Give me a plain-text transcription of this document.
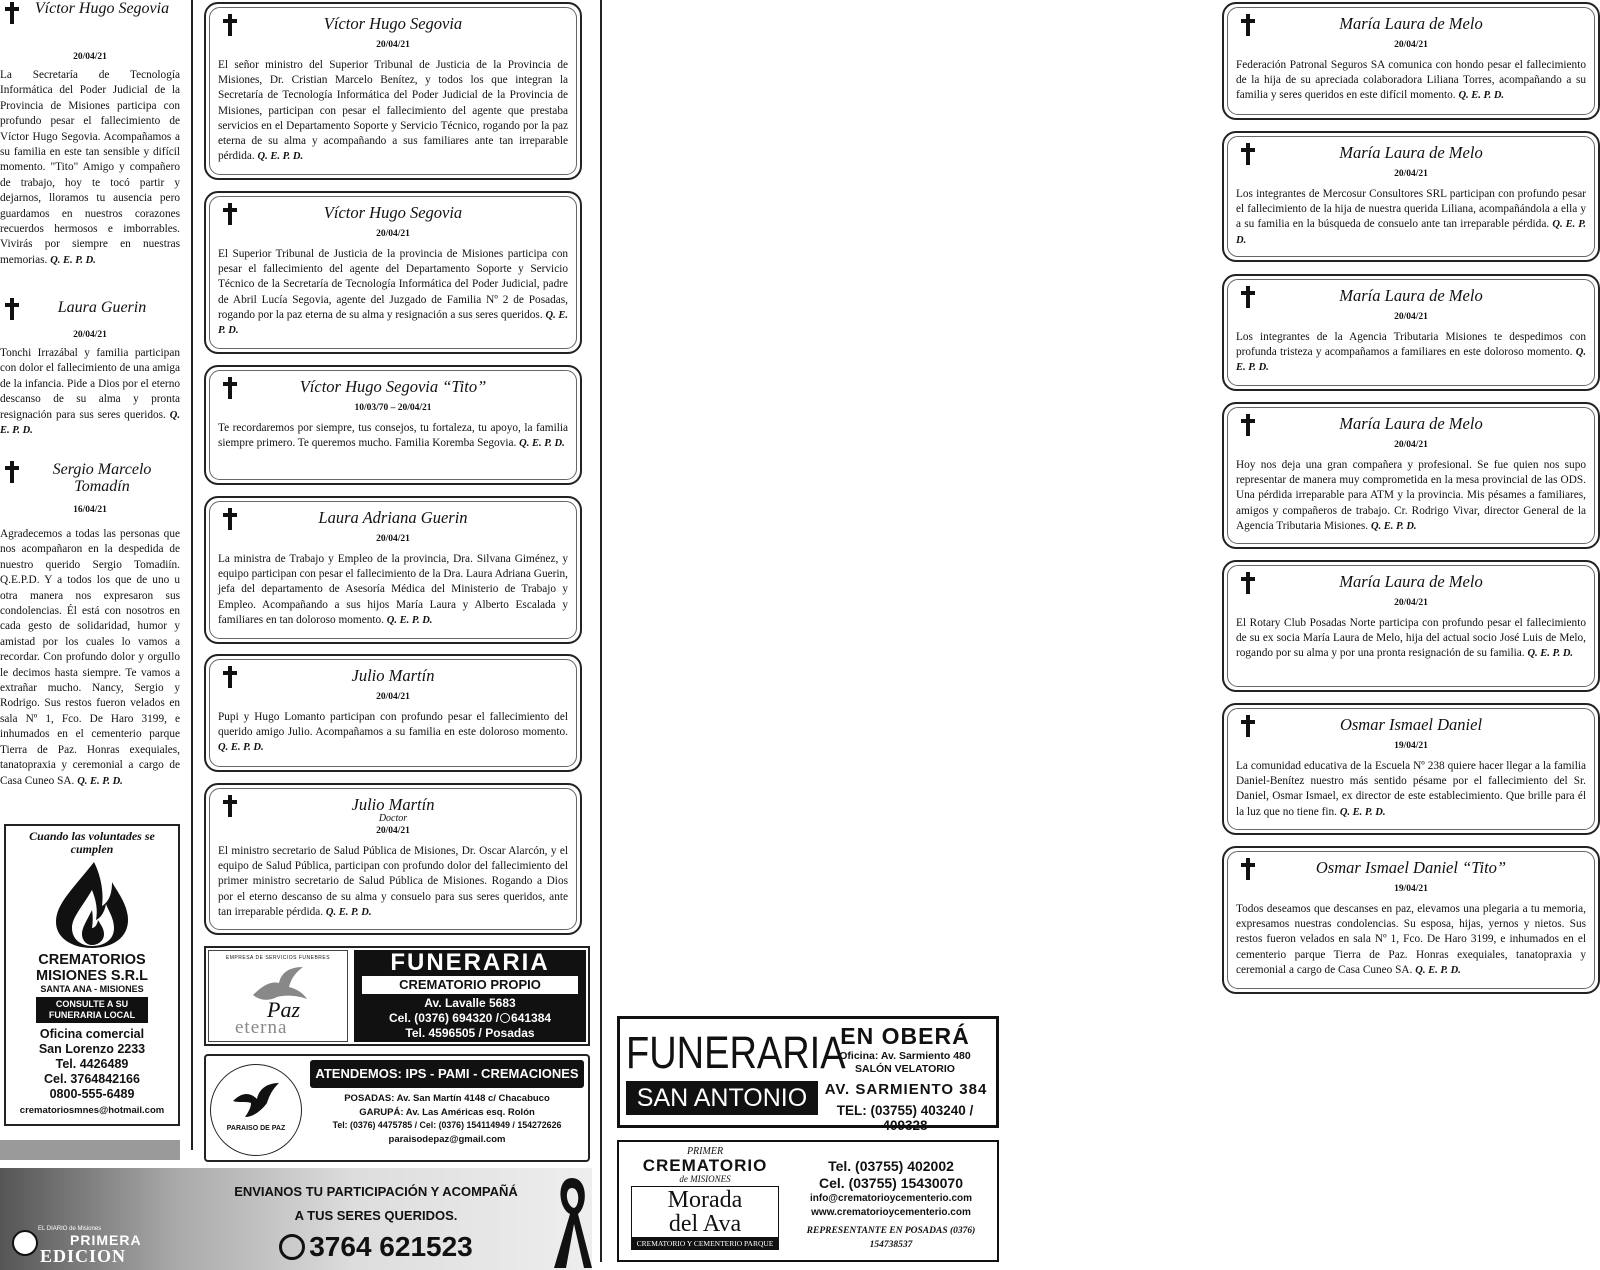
Víctor Hugo Segovia
20/04/21
La Secretaría de Tecnología Informática del Poder Judicial de la Provincia de Misiones participa con profundo pesar el fallecimiento de Víctor Hugo Segovia. Acompañamos a su familia en este tan sensible y difícil momento. "Tito" Amigo y compañero de trabajo, hoy te tocó partir y dejarnos, lloramos tu ausencia pero guardamos en nuestros corazones recuerdos hermosos e imborrables. Vivirás por siempre en nuestras memorias. Q. E. P. D.
Laura Guerin
20/04/21
Tonchi Irrazábal y familia participan con dolor el fallecimiento de una amiga de la infancia. Pide a Dios por el eterno descanso de su alma y pronta resignación para sus seres queridos. Q. E. P. D.
Sergio Marcelo Tomadín
16/04/21
Agradecemos a todas las personas que nos acompañaron en la despedida de nuestro querido Sergio Tomadiín. Q.E.P.D. Y a todos los que de uno u otra manera nos expresaron sus condolencias. Él está con nosotros en cada gesto de solidaridad, humor y amistad por los cuales lo vamos a recordar. Con profundo dolor y orgullo le decimos hasta siempre. Te vamos a extrañar mucho. Nancy, Sergio y Rodrigo. Sus restos fueron velados en sala Nº 1, Fco. De Haro 3199, e inhumados en el cementerio parque Tierra de Paz. Honras exequiales, tanatopraxia y ceremonial a cargo de Casa Cuneo SA. Q. E. P. D.
Cuando las voluntades se cumplen
CREMATORIOS MISIONES S.R.L
SANTA ANA - MISIONES
CONSULTE A SU FUNERARIA LOCAL
Oficina comercial
San Lorenzo 2233
Tel. 4426489
Cel. 3764842166
0800-555-6489
crematoriosmnes@hotmail.com
Víctor Hugo Segovia
20/04/21
El señor ministro del Superior Tribunal de Justicia de la Provincia de Misiones, Dr. Cristian Marcelo Benítez, y todos los que integran la Secretaría de Tecnología Informática del Poder Judicial de la Provincia de Misiones, participan con pesar el fallecimiento del agente que prestaba servicios en el Departamento Soporte y Servicio Técnico, rogando por la paz eterna de su alma y acompañando a sus familiares ante tan irreparable pérdida. Q. E. P. D.
Víctor Hugo Segovia
20/04/21
El Superior Tribunal de Justicia de la provincia de Misiones participa con pesar el fallecimiento del agente del Departamento Soporte y Servicio Técnico de la Secretaría de Tecnología Informática del Poder Judicial, padre de Abril Lucía Segovia, agente del Juzgado de Familia Nº 2 de Posadas, rogando por la paz eterna de su alma y resignación a sus seres queridos. Q. E. P. D.
Víctor Hugo Segovia “Tito”
10/03/70 – 20/04/21
Te recordaremos por siempre, tus consejos, tu fortaleza, tu apoyo, la familia siempre primero. Te queremos mucho. Familia Koremba Segovia. Q. E. P. D.
Laura Adriana Guerin
20/04/21
La ministra de Trabajo y Empleo de la provincia, Dra. Silvana Giménez, y equipo participan con pesar el fallecimiento de la Dra. Laura Adriana Guerin, jefa del departamento de Asesoría Médica del Ministerio de Trabajo y Empleo. Acompañando a sus hijos María Laura y Alberto Escalada y familiares en tan doloroso momento. Q. E. P. D.
Julio Martín
20/04/21
Pupi y Hugo Lomanto participan con profundo pesar el fallecimiento del querido amigo Julio. Acompañamos a su familia en este doloroso momento. Q. E. P. D.
Julio Martín
Doctor
20/04/21
El ministro secretario de Salud Pública de Misiones, Dr. Oscar Alarcón, y el equipo de Salud Pública, participan con profundo dolor del fallecimiento del primer ministro secretario de Salud Pública de Misiones. Rogando a Dios por el eterno descanso de su alma y consuelo para sus seres queridos, ante tan irreparable pérdida. Q. E. P. D.
EMPRESA DE SERVICIOS FUNEBRES
Paz
eterna
FUNERARIA
CREMATORIO PROPIO
Av. Lavalle 5683
Cel. (0376) 694320 / 641384
Tel. 4596505 / Posadas
PARAISO DE PAZ
ATENDEMOS: IPS - PAMI - CREMACIONES
POSADAS: Av. San Martín 4148 c/ Chacabuco
GARUPÁ: Av. Las Américas esq. Rolón
Tel: (0376) 4475785 / Cel: (0376) 154114949 / 154272626
paraisodepaz@gmail.com
EL DIARIO de Misiones
PRIMERA
EDICION
ENVIANOS TU PARTICIPACIÓN Y ACOMPAÑÁ
A TUS SERES QUERIDOS.
3764 621523
María Laura de Melo
20/04/21
Federación Patronal Seguros SA comunica con hondo pesar el fallecimiento de la hija de su apreciada colaboradora Liliana Torres, acompañando a su familia y seres queridos en este difícil momento. Q. E. P. D.
María Laura de Melo
20/04/21
Los integrantes de Mercosur Consultores SRL participan con profundo pesar el fallecimiento de la hija de nuestra querida Liliana, acompañándola a ella y a su familia en la búsqueda de consuelo ante tan irreparable pérdida. Q. E. P. D.
María Laura de Melo
20/04/21
Los integrantes de la Agencia Tributaria Misiones te despedimos con profunda tristeza y acompañamos a familiares en este doloroso momento. Q. E. P. D.
María Laura de Melo
20/04/21
Hoy nos deja una gran compañera y profesional. Se fue quien nos supo representar de manera muy comprometida en la mesa provincial de las ODS. Una pérdida irreparable para ATM y la provincia. Mis pésames a familiares, amigos y compañeros de trabajo. Cr. Rodrigo Vivar, director General de la Agencia Tributaria Misiones. Q. E. P. D.
María Laura de Melo
20/04/21
El Rotary Club Posadas Norte participa con profundo pesar el fallecimiento de su ex socia María Laura de Melo, hija del actual socio José Luis de Melo, rogando por su alma y por una pronta resignación de su familia. Q. E. P. D.
Osmar Ismael Daniel
19/04/21
La comunidad educativa de la Escuela Nº 238 quiere hacer llegar a la familia Daniel-Benítez nuestro más sentido pésame por el fallecimiento del Sr. Daniel, Osmar Ismael, ex director de este establecimiento. Que brille para él la luz que no tiene fin. Q. E. P. D.
Osmar Ismael Daniel “Tito”
19/04/21
Todos deseamos que descanses en paz, elevamos una plegaria a tu memoria, expresamos nuestras condolencias. Su esposa, hijas, yernos y nietos. Sus restos fueron velados en sala Nº 1, Fco. De Haro 3199, e inhumados en el cementerio parque Tierra de Paz. Honras exequiales, tanatopraxia y ceremonial a cargo de Casa Cuneo SA. Q. E. P. D.
FUNERARIA
SAN ANTONIO
EN OBERÁ
Oficina: Av. Sarmiento 480
SALÓN VELATORIO
AV. SARMIENTO 384
TEL: (03755) 403240 / 409328
PRIMER
CREMATORIO
de MISIONES
Morada
del Ava
CREMATORIO Y CEMENTERIO PARQUE
Tel. (03755) 402002
Cel. (03755) 15430070
info@crematorioycementerio.com
www.crematorioycementerio.com
REPRESENTANTE EN POSADAS (0376) 154738537
